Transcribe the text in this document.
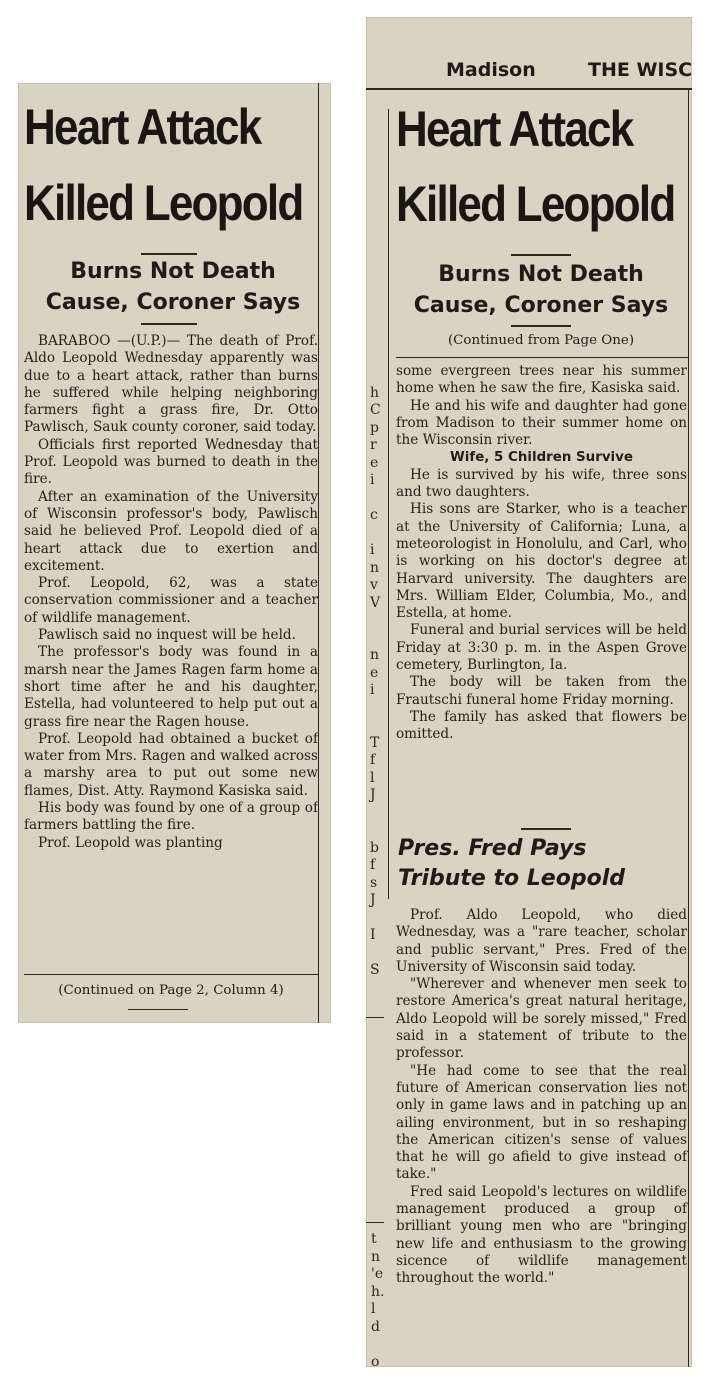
Heart Attack
Killed Leopold
Burns Not Death
Cause, Coroner Says

BARABOO —(U.P.)— The death of Prof. Aldo Leopold Wednesday apparently was due to a heart attack, rather than burns he suffered while helping neighboring farmers fight a grass fire, Dr. Otto Pawlisch, Sauk county coroner, said today.

Officials first reported Wednesday that Prof. Leopold was burned to death in the fire.

After an examination of the University of Wisconsin professor's body, Pawlisch said he believed Prof. Leopold died of a heart attack due to exertion and excitement.

Prof. Leopold, 62, was a state conservation commissioner and a teacher of wildlife management.

Pawlisch said no inquest will be held.

The professor's body was found in a marsh near the James Ragen farm home a short time after he and his daughter, Estella, had volunteered to help put out a grass fire near the Ragen house.

Prof. Leopold had obtained a bucket of water from Mrs. Ragen and walked across a marshy area to put out some new flames, Dist. Atty. Raymond Kasiska said.

His body was found by one of a group of farmers battling the fire.

Prof. Leopold was planting

(Continued on Page 2, Column 4)
Madison	THE WISC
Heart Attack
Killed Leopold
Burns Not Death
Cause, Coroner Says
(Continued from Page One)

some evergreen trees near his summer home when he saw the fire, Kasiska said.

He and his wife and daughter had gone from Madison to their summer home on the Wisconsin river.

Wife, 5 Children Survive

He is survived by his wife, three sons and two daughters.

His sons are Starker, who is a teacher at the University of California; Luna, a meteorologist in Honolulu, and Carl, who is working on his doctor's degree at Harvard university. The daughters are Mrs. William Elder, Columbia, Mo., and Estella, at home.

Funeral and burial services will be held Friday at 3:30 p. m. in the Aspen Grove cemetery, Burlington, Ia.

The body will be taken from the Frautschi funeral home Friday morning.

The family has asked that flowers be omitted.

Pres. Fred Pays
Tribute to Leopold

Prof. Aldo Leopold, who died Wednesday, was a "rare teacher, scholar and public servant," Pres. Fred of the University of Wisconsin said today.

"Wherever and whenever men seek to restore America's great natural heritage, Aldo Leopold will be sorely missed," Fred said in a statement of tribute to the professor.

"He had come to see that the real future of American conservation lies not only in game laws and in patching up an ailing environment, but in so reshaping the American citizen's sense of values that he will go afield to give instead of take."

Fred said Leopold's lectures on wildlife management produced a group of brilliant young men who are "bringing new life and enthusiasm to the growing sicence of wildlife management throughout the world."

h
C
p
r
e
i

c

i
n
v
V

n
e
i

T
f
l
J

b
f
s
J

I

S
t
n
'e
h.
l
d

o
